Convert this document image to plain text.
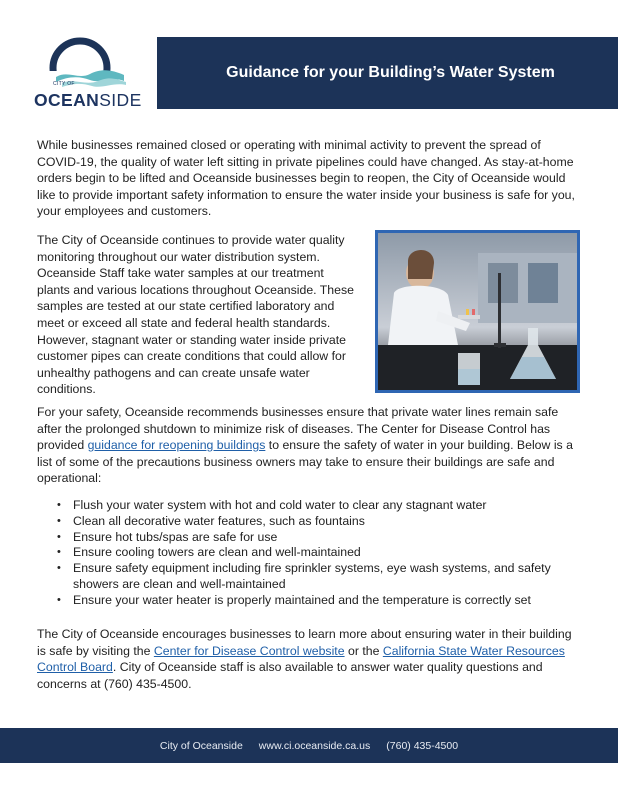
CITY OF
OCEANSIDE
Guidance for your Building’s Water System

While businesses remained closed or operating with minimal activity to prevent the spread of COVID-19, the quality of water left sitting in private pipelines could have changed. As stay-at-home orders begin to be lifted and Oceanside businesses begin to reopen, the City of Oceanside would like to provide important safety information to ensure the water inside your business is safe for you, your employees and customers.

The City of Oceanside continues to provide water quality monitoring throughout our water distribution system. Oceanside Staff take water samples at our treatment plants and various locations throughout Oceanside. These samples are tested at our state certified laboratory and meet or exceed all state and federal health standards. However, stagnant water or standing water inside private customer pipes can create conditions that could allow for unhealthy pathogens and can create unsafe water conditions.

For your safety, Oceanside recommends businesses ensure that private water lines remain safe after the prolonged shutdown to minimize risk of diseases. The Center for Disease Control has provided guidance for reopening buildings to ensure the safety of water in your building. Below is a list of some of the precautions business owners may take to ensure their buildings are safe and operational:

• Flush your water system with hot and cold water to clear any stagnant water
• Clean all decorative water features, such as fountains
• Ensure hot tubs/spas are safe for use
• Ensure cooling towers are clean and well-maintained
• Ensure safety equipment including fire sprinkler systems, eye wash systems, and safety showers are clean and well-maintained
• Ensure your water heater is properly maintained and the temperature is correctly set

The City of Oceanside encourages businesses to learn more about ensuring water in their building is safe by visiting the Center for Disease Control website or the California State Water Resources Control Board. City of Oceanside staff is also available to answer water quality questions and concerns at (760) 435-4500.

City of Oceanside www.ci.oceanside.ca.us (760) 435-4500
